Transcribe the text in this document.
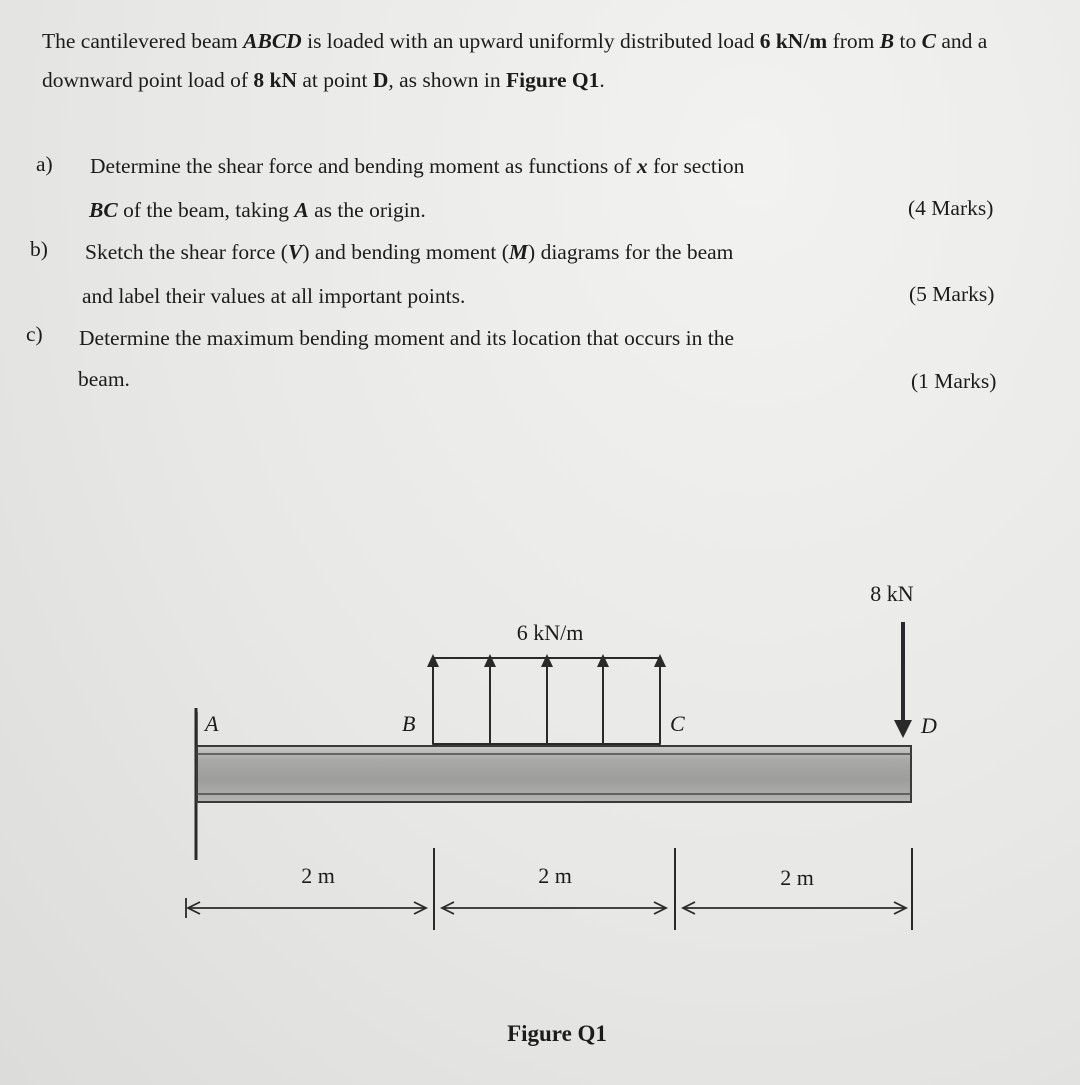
The cantilevered beam ABCD is loaded with an upward uniformly distributed load 6 kN/m from B to C and a downward point load of 8 kN at point D, as shown in Figure Q1.
a) Determine the shear force and bending moment as functions of x for section
BC of the beam, taking A as the origin.	(4 Marks)
b) Sketch the shear force (V) and bending moment (M) diagrams for the beam
and label their values at all important points.	(5 Marks)
c) Determine the maximum bending moment and its location that occurs in the
beam.	(1 Marks)
6 kN/m
8 kN
A	B	C	D
2 m	2 m	2 m
Figure Q1
